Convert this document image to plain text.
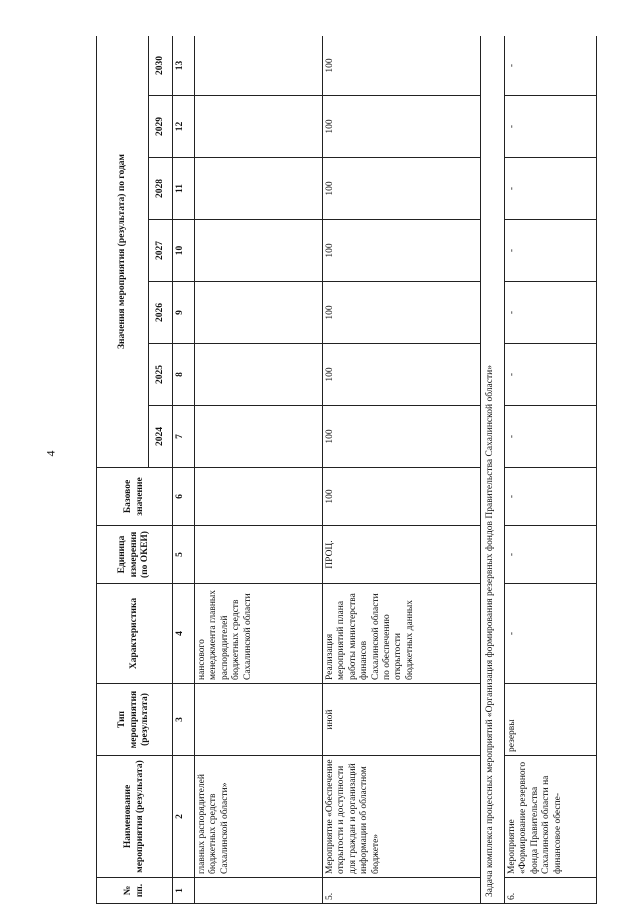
4
№ пп.	Наименование мероприятия (результата)	Тип мероприятия (результата)	Характеристика	Единица измерения (по ОКЕИ)	Базовое значение	Значения мероприятия (результата) по годам						
						2024	2025	2026	2027	2028	2029	2030
1	2	3	4	5	6	7	8	9	10	11	12	13
	главных распорядителей бюджетных средств Сахалинской области»		нансового менеджмента главных распорядителей бюджетных средств Сахалинской области									
5.	Мероприятие «Обеспечение открытости и доступности для граждан и организаций информации об областном бюджете»	иной	Реализация мероприятий плана работы министерства финансов Сахалинской области по обеспечению открытости бюджетных данных	ПРОЦ.	100	100	100	100	100	100	100	100
Задача комплекса процессных мероприятий «Организация формирования резервных фондов Правительства Сахалинской области»												
6.	Мероприятие «Формирование резервного фонда Правительства Сахалинской области на финансовое обеспе-	резервы	-	-	-	-	-	-	-	-	-	-
